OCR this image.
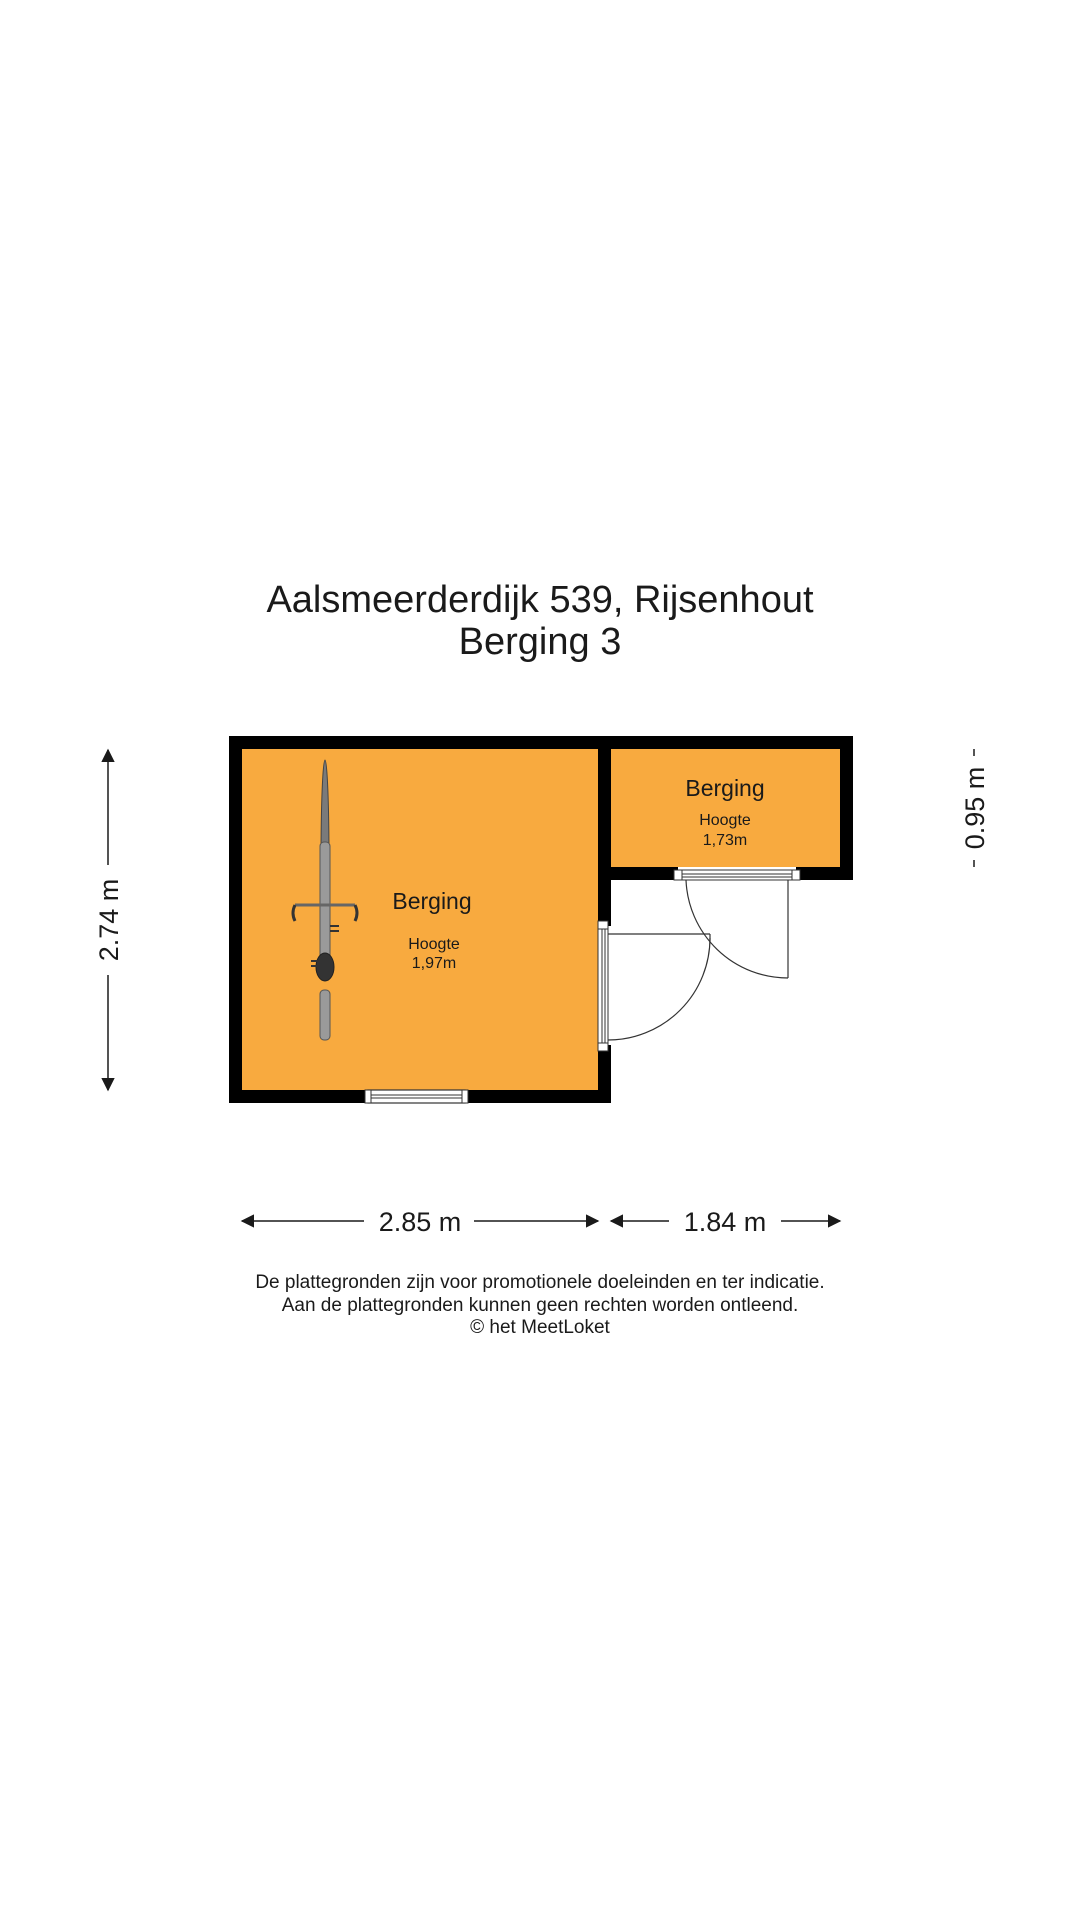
Aalsmeerderdijk 539, Rijsenhout
Berging 3
Berging
Hoogte
1,97m
Berging
Hoogte
1,73m
2.74 m
0.95 m
2.85 m	1.84 m
De plattegronden zijn voor promotionele doeleinden en ter indicatie.
Aan de plattegronden kunnen geen rechten worden ontleend.
© het MeetLoket
